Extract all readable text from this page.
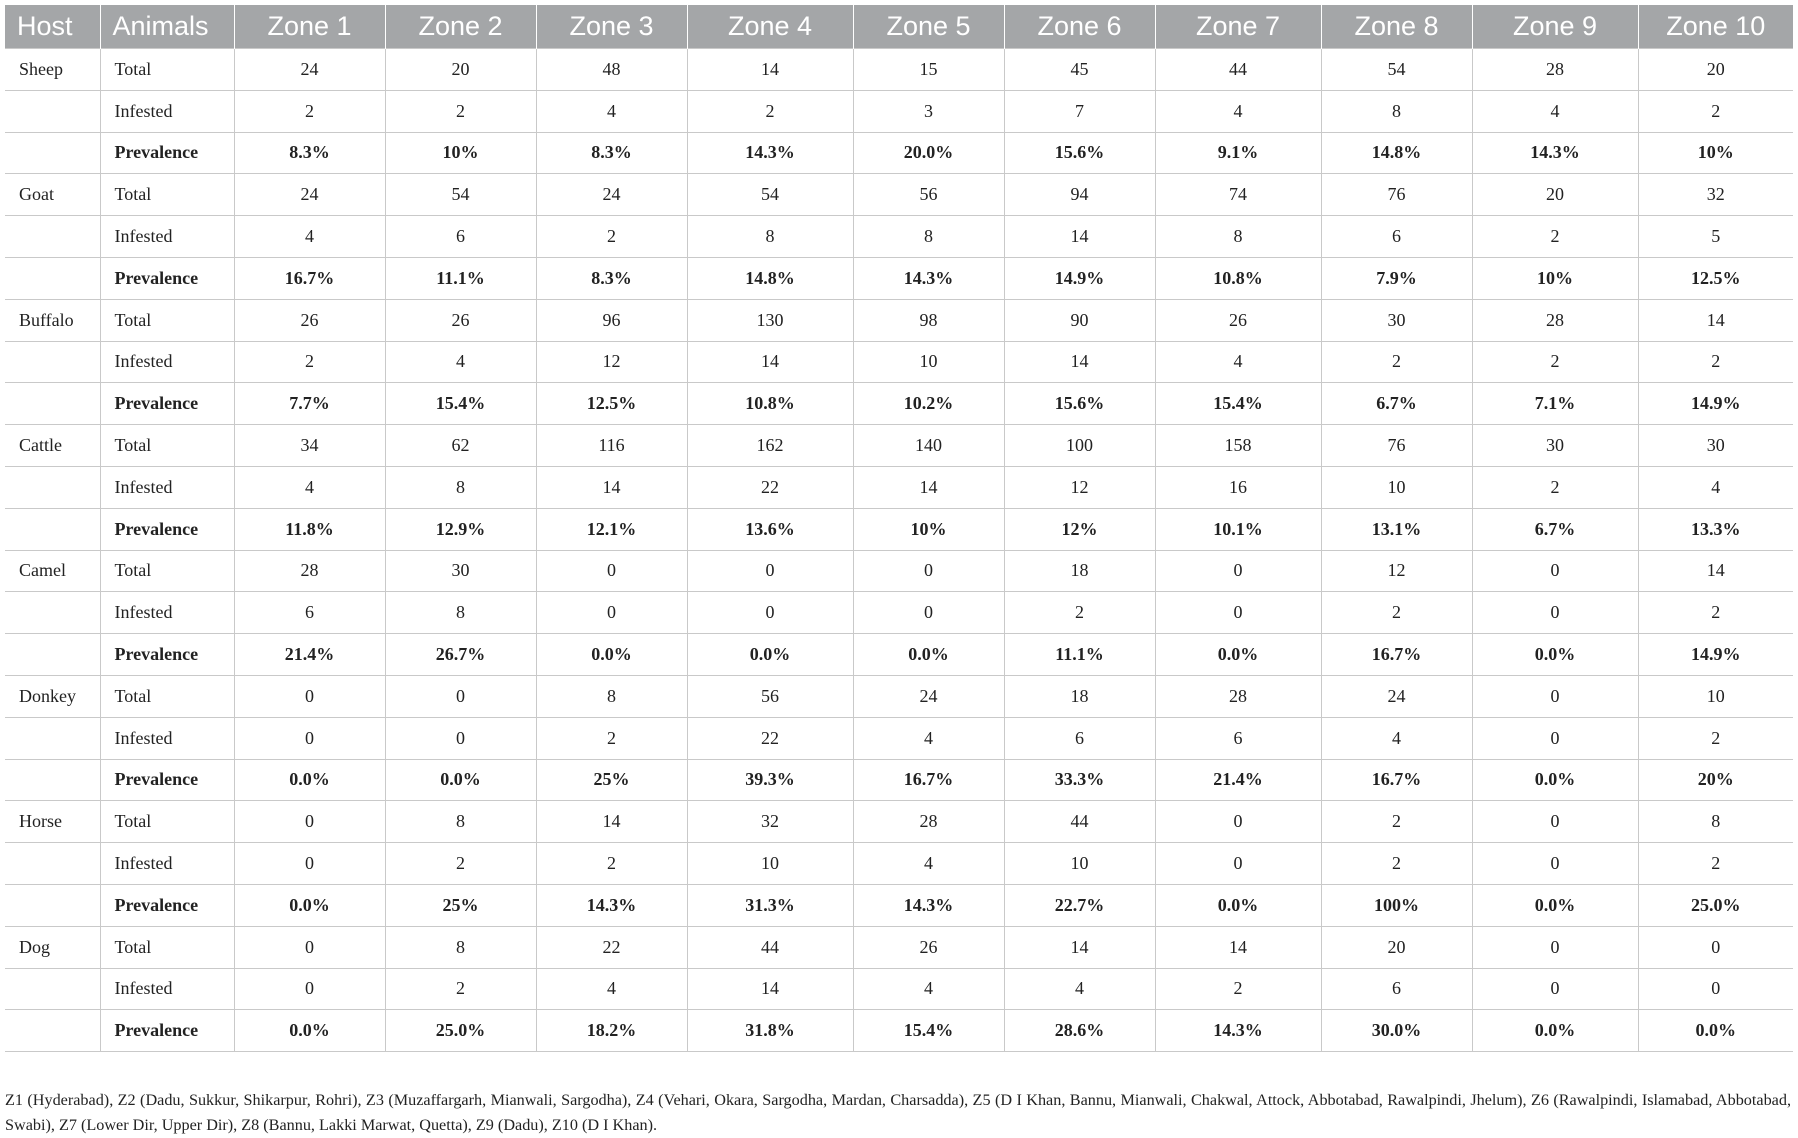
Host	Animals	Zone 1	Zone 2	Zone 3	Zone 4	Zone 5	Zone 6	Zone 7	Zone 8	Zone 9	Zone 10
Sheep	Total	24	20	48	14	15	45	44	54	28	20
	Infested	2	2	4	2	3	7	4	8	4	2
	Prevalence	8.3%	10%	8.3%	14.3%	20.0%	15.6%	9.1%	14.8%	14.3%	10%
Goat	Total	24	54	24	54	56	94	74	76	20	32
	Infested	4	6	2	8	8	14	8	6	2	5
	Prevalence	16.7%	11.1%	8.3%	14.8%	14.3%	14.9%	10.8%	7.9%	10%	12.5%
Buffalo	Total	26	26	96	130	98	90	26	30	28	14
	Infested	2	4	12	14	10	14	4	2	2	2
	Prevalence	7.7%	15.4%	12.5%	10.8%	10.2%	15.6%	15.4%	6.7%	7.1%	14.9%
Cattle	Total	34	62	116	162	140	100	158	76	30	30
	Infested	4	8	14	22	14	12	16	10	2	4
	Prevalence	11.8%	12.9%	12.1%	13.6%	10%	12%	10.1%	13.1%	6.7%	13.3%
Camel	Total	28	30	0	0	0	18	0	12	0	14
	Infested	6	8	0	0	0	2	0	2	0	2
	Prevalence	21.4%	26.7%	0.0%	0.0%	0.0%	11.1%	0.0%	16.7%	0.0%	14.9%
Donkey	Total	0	0	8	56	24	18	28	24	0	10
	Infested	0	0	2	22	4	6	6	4	0	2
	Prevalence	0.0%	0.0%	25%	39.3%	16.7%	33.3%	21.4%	16.7%	0.0%	20%
Horse	Total	0	8	14	32	28	44	0	2	0	8
	Infested	0	2	2	10	4	10	0	2	0	2
	Prevalence	0.0%	25%	14.3%	31.3%	14.3%	22.7%	0.0%	100%	0.0%	25.0%
Dog	Total	0	8	22	44	26	14	14	20	0	0
	Infested	0	2	4	14	4	4	2	6	0	0
	Prevalence	0.0%	25.0%	18.2%	31.8%	15.4%	28.6%	14.3%	30.0%	0.0%	0.0%
Z1 (Hyderabad), Z2 (Dadu, Sukkur, Shikarpur, Rohri), Z3 (Muzaffargarh, Mianwali, Sargodha), Z4 (Vehari, Okara, Sargodha, Mardan, Charsadda), Z5 (D I Khan, Bannu, Mianwali, Chakwal, Attock, Abbotabad, Rawalpindi, Jhelum), Z6 (Rawalpindi, Islamabad, Abbotabad, Swabi), Z7 (Lower Dir, Upper Dir), Z8 (Bannu, Lakki Marwat, Quetta), Z9 (Dadu), Z10 (D I Khan).
